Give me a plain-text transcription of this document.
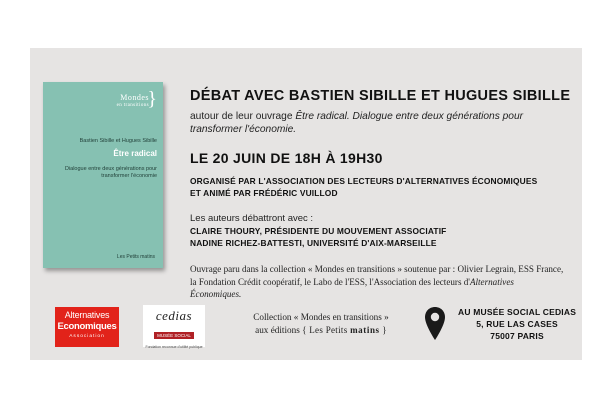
Mondes
en transitions
}
Bastien Sibille et Hugues Sibille
Être radical
Dialogue entre deux générations pour transformer l'économie
Les Petits matins
DÉBAT AVEC BASTIEN SIBILLE ET HUGUES SIBILLE
autour de leur ouvrage Être radical. Dialogue entre deux générations pour transformer l'économie.
LE 20 JUIN DE 18H À 19H30
ORGANISÉ PAR L'ASSOCIATION DES LECTEURS D'ALTERNATIVES ÉCONOMIQUES
ET ANIMÉ PAR FRÉDÉRIC VUILLOD
Les auteurs débattront avec :
CLAIRE THOURY, PRÉSIDENTE DU MOUVEMENT ASSOCIATIF
NADINE RICHEZ-BATTESTI, UNIVERSITÉ D'AIX-MARSEILLE
Ouvrage paru dans la collection « Mondes en transitions » soutenue par : Olivier Legrain, ESS France, la Fondation Crédit coopératif, le Labo de l'ESS, l'Association des lecteurs d'Alternatives Économiques.
Alternatives
Economiques
Association
cedias
MUSÉE SOCIAL
Fondation reconnue d'utilité publique
Collection « Mondes en transitions »
aux éditions { Les Petits matins }
AU MUSÉE SOCIAL CEDIAS
5, RUE LAS CASES
75007 PARIS
